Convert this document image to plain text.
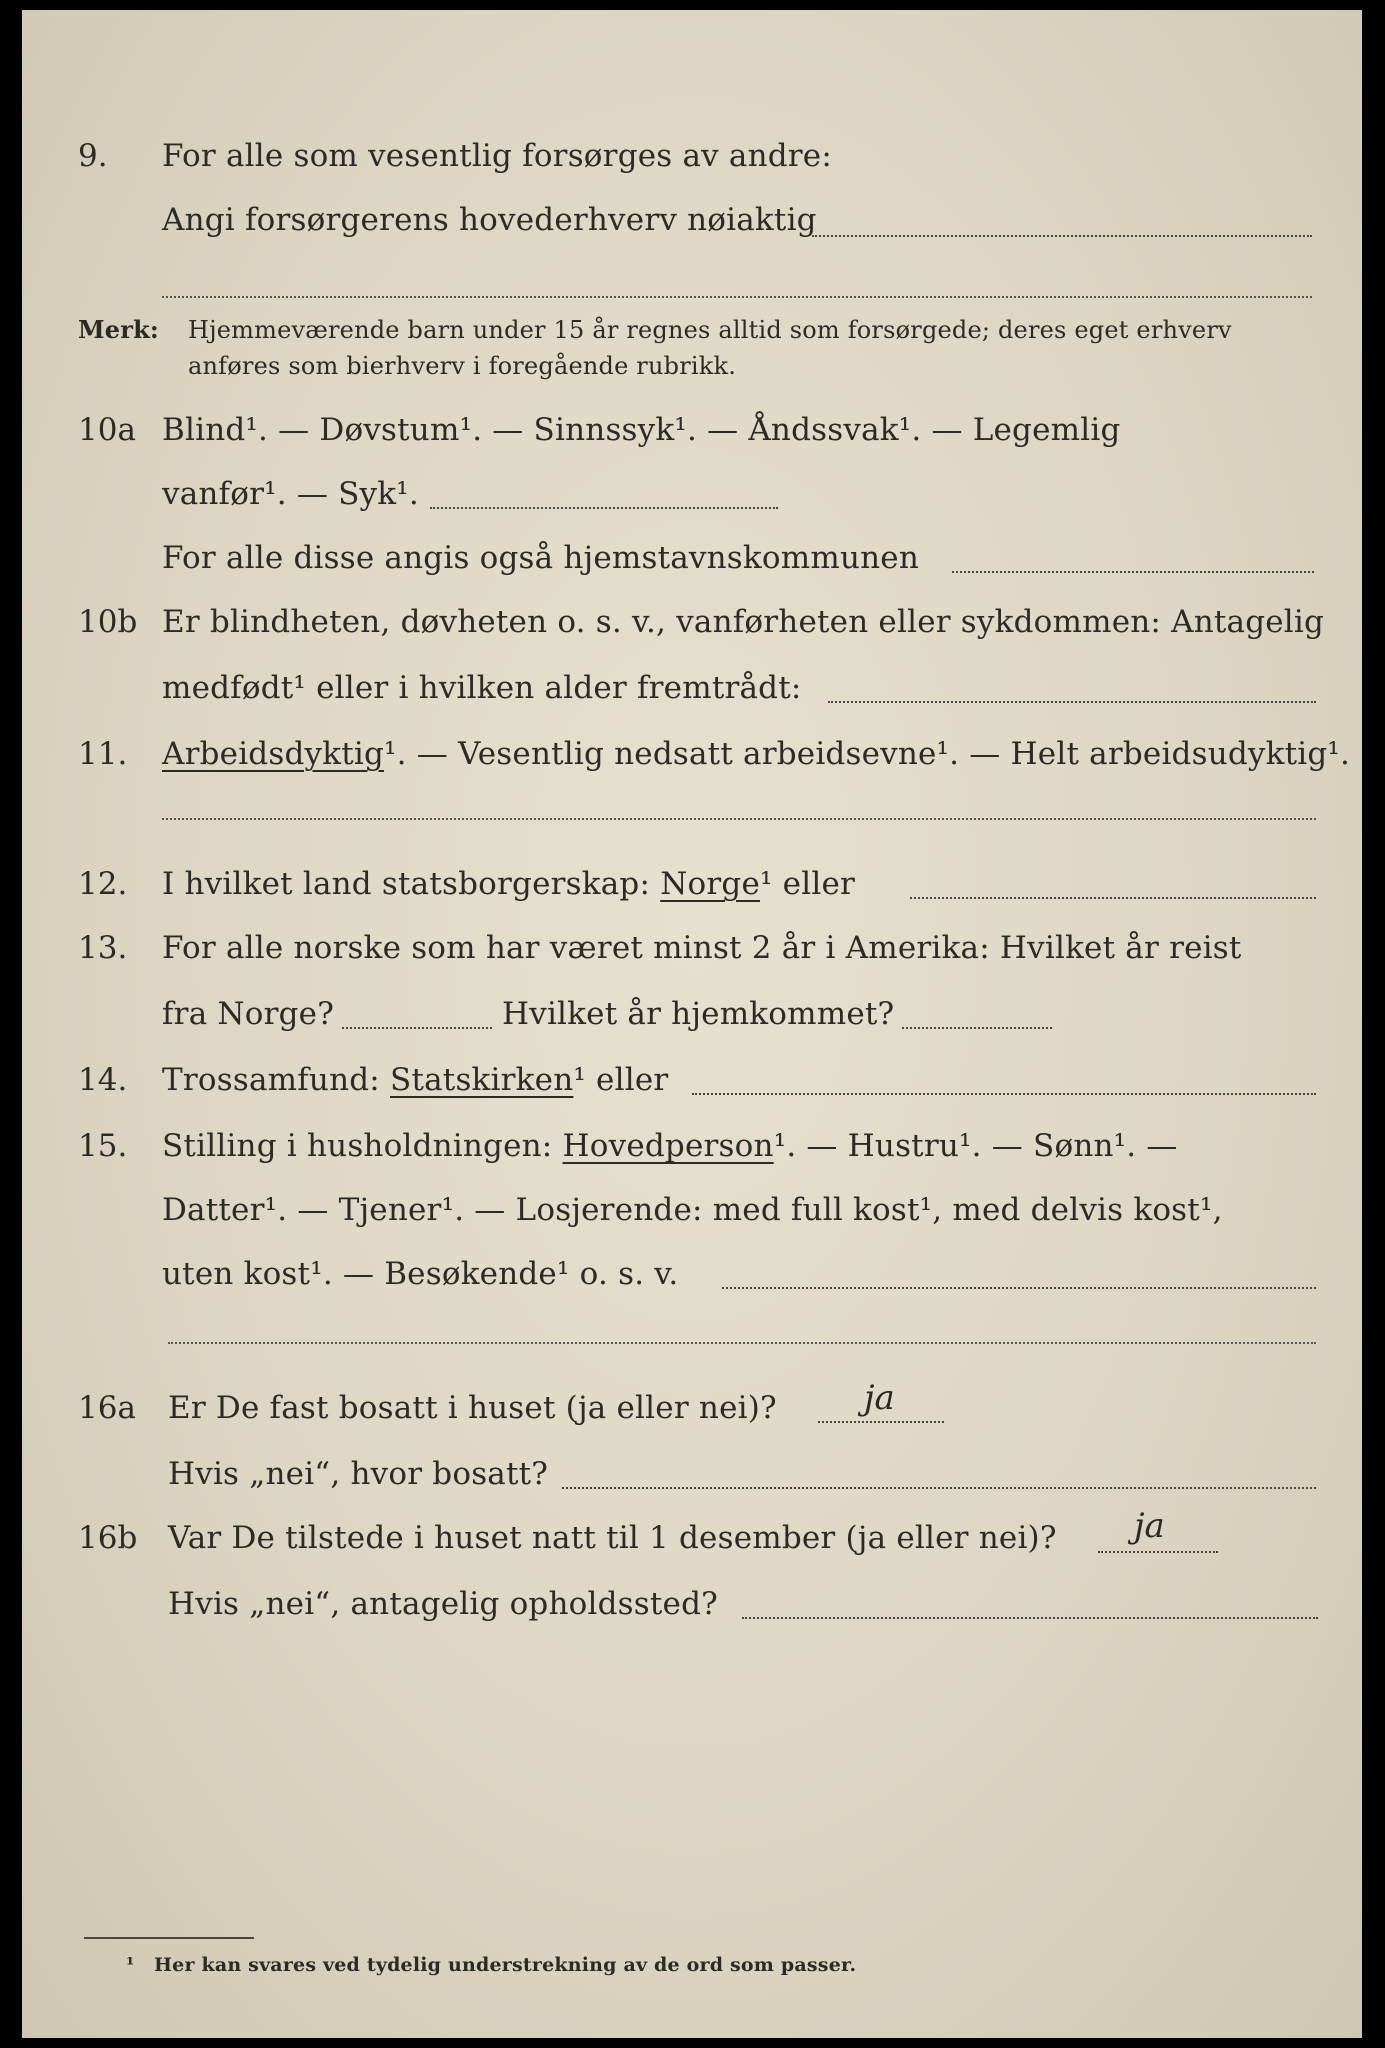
9. For alle som vesentlig forsørges av andre:
Angi forsørgerens hovederhverv nøiaktig
Merk: Hjemmeværende barn under 15 år regnes alltid som forsørgede; deres eget erhverv
anføres som bierhverv i foregående rubrikk.
10a Blind¹. — Døvstum¹. — Sinnssyk¹. — Åndssvak¹. — Legemlig
vanfør¹. — Syk¹.
For alle disse angis også hjemstavnskommunen
10b Er blindheten, døvheten o. s. v., vanførheten eller sykdommen: Antagelig
medfødt¹ eller i hvilken alder fremtrådt:
11. Arbeidsdyktig¹. — Vesentlig nedsatt arbeidsevne¹. — Helt arbeidsudyktig¹.
12. I hvilket land statsborgerskap: Norge¹ eller
13. For alle norske som har været minst 2 år i Amerika: Hvilket år reist
fra Norge?	Hvilket år hjemkommet?
14. Trossamfund: Statskirken¹ eller
15. Stilling i husholdningen: Hovedperson¹. — Hustru¹. — Sønn¹. —
Datter¹. — Tjener¹. — Losjerende: med full kost¹, med delvis kost¹,
uten kost¹. — Besøkende¹ o. s. v.
16a Er De fast bosatt i huset (ja eller nei)?	ja
Hvis „nei“, hvor bosatt?
16b Var De tilstede i huset natt til 1 desember (ja eller nei)? ja
Hvis „nei“, antagelig opholdssted?
¹ Her kan svares ved tydelig understrekning av de ord som passer.
